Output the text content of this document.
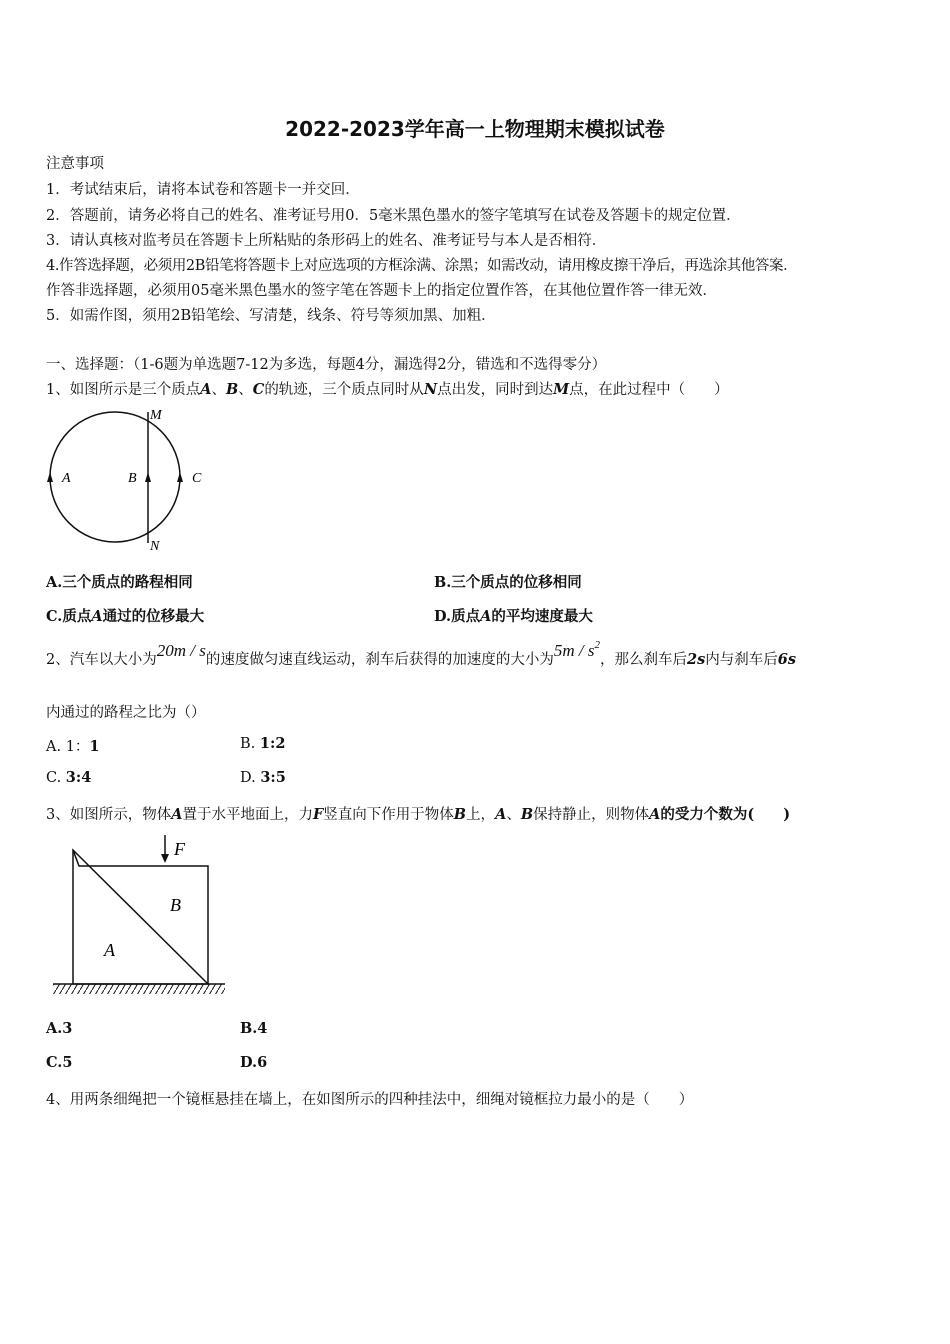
2022-2023学年高一上物理期末模拟试卷
注意事项
1．考试结束后，请将本试卷和答题卡一并交回．
2．答题前，请务必将自己的姓名、准考证号用0．5毫米黑色墨水的签字笔填写在试卷及答题卡的规定位置．
3．请认真核对监考员在答题卡上所粘贴的条形码上的姓名、准考证号与本人是否相符．
4.作答选择题，必须用2B铅笔将答题卡上对应选项的方框涂满、涂黑；如需改动，请用橡皮擦干净后，再选涂其他答案．
作答非选择题，必须用05毫米黑色墨水的签字笔在答题卡上的指定位置作答，在其他位置作答一律无效．
5．如需作图，须用2B铅笔绘、写清楚，线条、符号等须加黑、加粗．
一、选择题：（1-6题为单选题7-12为多选，每题4分，漏选得2分，错选和不选得零分）
1、如图所示是三个质点A、B、C的轨迹，三个质点同时从N点出发，同时到达M点，在此过程中（　　）
M
N
A	B	C
A.三个质点的路程相同	B.三个质点的位移相同
C.质点A通过的位移最大	D.质点A的平均速度最大
2、汽车以大小为20m / s的速度做匀速直线运动，刹车后获得的加速度的大小为$5m / s^2$，那么刹车后2s内与刹车后6s
内通过的路程之比为（）
A. 1：1	B. 1:2
C. 3:4	D. 3:5
3、如图所示，物体A置于水平地面上，力F竖直向下作用于物体B上，A、B保持静止，则物体A的受力个数为(　　)
F
B
A
A.3	B.4
C.5	D.6
4、用两条细绳把一个镜框悬挂在墙上，在如图所示的四种挂法中，细绳对镜框拉力最小的是（　　）
